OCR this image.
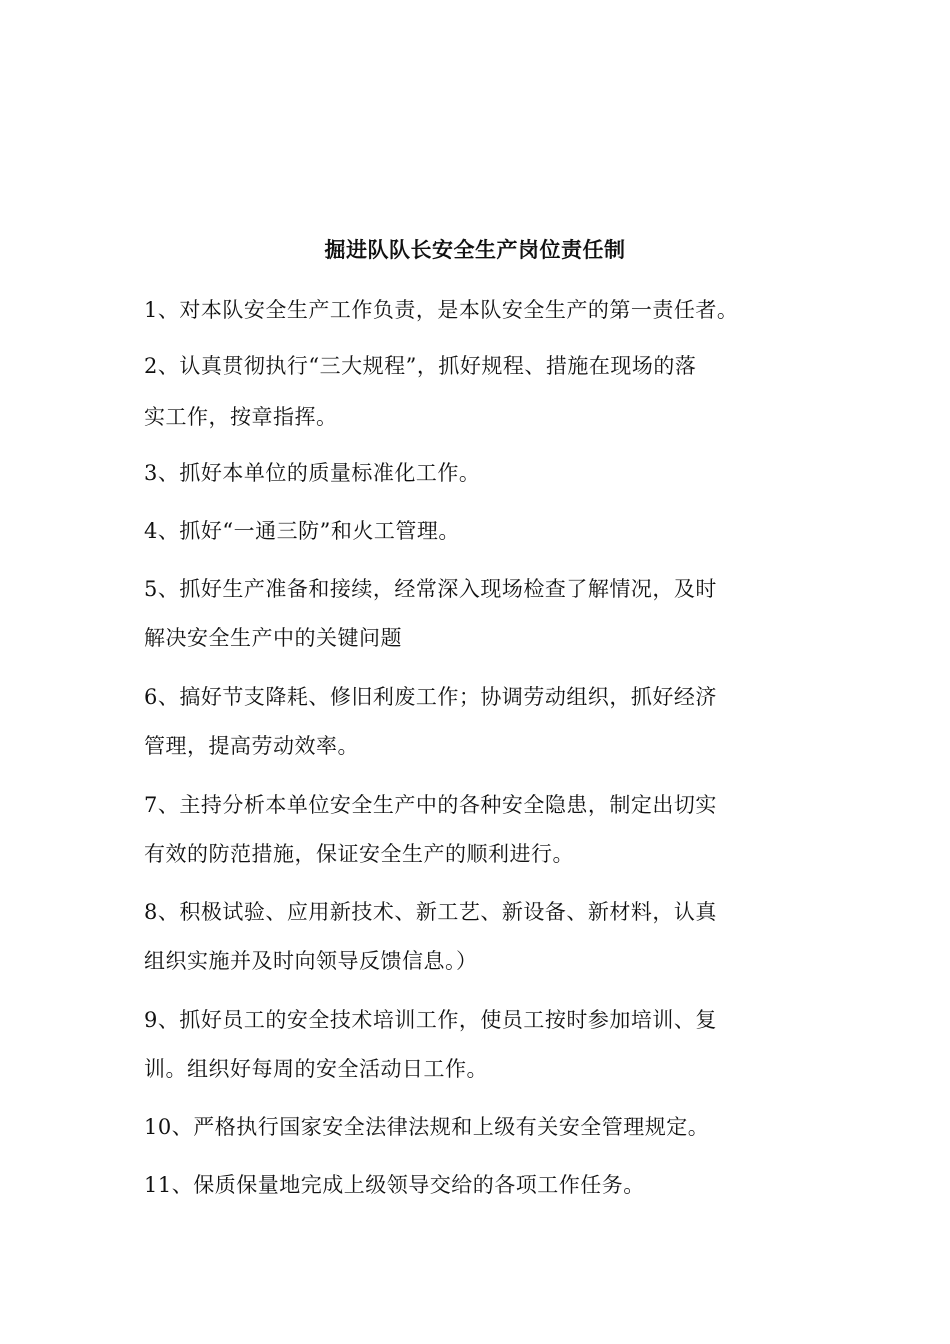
掘进队队长安全生产岗位责任制
1、对本队安全生产工作负责，是本队安全生产的第一责任者。
2、认真贯彻执行“三大规程”，抓好规程、措施在现场的落
实工作，按章指挥。
3、抓好本单位的质量标准化工作。
4、抓好“一通三防”和火工管理。
5、抓好生产准备和接续，经常深入现场检查了解情况，及时
解决安全生产中的关键问题
6、搞好节支降耗、修旧利废工作；协调劳动组织，抓好经济
管理，提高劳动效率。
7、主持分析本单位安全生产中的各种安全隐患，制定出切实
有效的防范措施，保证安全生产的顺利进行。
8、积极试验、应用新技术、新工艺、新设备、新材料，认真
组织实施并及时向领导反馈信息。）
9、抓好员工的安全技术培训工作，使员工按时参加培训、复
训。组织好每周的安全活动日工作。
10、严格执行国家安全法律法规和上级有关安全管理规定。
11、保质保量地完成上级领导交给的各项工作任务。
